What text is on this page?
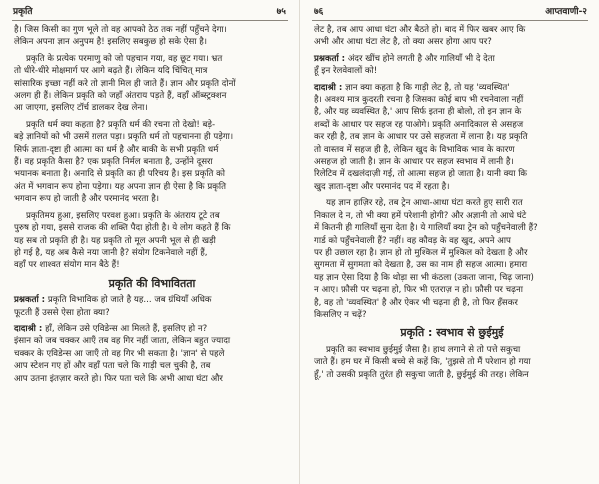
प्रकृति	७५

है। जिस किसी का गुण भूले तो वह आपको ठेठ तक नहीं पहुँचने देगा।
लेकिन अपना ज्ञान अनुपम है! इसलिए सबकुछ हो सके ऐसा है।

प्रकृति के प्रत्येक परमाणु को जो पहचान गया, वह छूट गया। भ्रत
तो धीरे-धीरे मोक्षमार्ग पर आगे बढ़ते हैं। लेकिन यदि चिंचित् मात्र
सांसारिक इच्छा नहीं करे तो ज्ञानी मिल ही जाते हैं। ज्ञान और प्रकृति दोनों
अलग ही हैं। लेकिन प्रकृति को जहाँ अंतराय पड़ते हैं, वहाँ ऑब्स्ट्रक्शन
आ जाएगा, इसलिए टॉर्च डालकर देख लेना।

प्रकृति धर्म क्या कहता है? प्रकृति धर्म की रचना तो देखो! बड़े-
बड़े ज्ञानियों को भी उसमें ग़लत पड़ा। प्रकृति धर्म तो पहचानना ही पड़ेगा।
सिर्फ ज्ञाता-दृष्टा ही आत्मा का धर्म है और बाकी के सभी प्रकृति धर्म
हैं। वह प्रकृति कैसा है? एक प्रकृति निर्मल बनाता है, उन्होंने दूसरा
भयानक बनाता है। अनादि से प्रकृति का ही परिचय है। इस प्रकृति को
अंत में भगवान रूप होना पड़ेगा। यह अपना ज्ञान ही ऐसा है कि प्रकृति
भगवान रूप हो जाती है और परमानंद भरता है।

प्रकृतिमय हुआ, इसलिए परवश हुआ। प्रकृति के अंतराय टूटे तब
पुरुष हो गया, इससे राजक की शक्ति पैदा होती है। ये लोग कहते हैं कि
यह सब तो प्रकृति ही है। यह प्रकृति तो मूल अपनी भूल से ही खड़ी
हो गई है, यह अब कैसे नया जानी है? संयोग टिकनेवाले नहीं हैं,
वहाँ पर शाश्वत संयोग मान बैठे हैं!

प्रकृति की विभावितता

प्रश्नकर्ता : प्रकृति विभाविक हो जाते है यह... जब ग्रंथियाँ अधिक
फूटती हैं उससे ऐसा होता क्या?

दादाश्री : हाँ, लेकिन उसे एविडेन्स आ मिलते हैं, इसलिए हो न?
इंसान को जब चक्कर आएँ तब वह गिर नहीं जाता, लेकिन बहुत ज्यादा
चक्कर के एविडेन्स आ जाएँ तो वह गिर भी सकता है। 'ज्ञान' से पहले
आप स्टेशन गए हों और वहाँ पता चले कि गाड़ी चल चुकी है, तब
आप उतना इंतज़ार करते हो। फिर पता चले कि अभी आधा घंटा और

७६	आप्तवाणी-२

लेट है, तब आप आधा घंटा और बैठते हो। बाद में फिर खबर आए कि
अभी और आधा घंटा लेट है, तो क्या असर होगा आप पर?

प्रश्नकर्ता : अंदर खींच होने लगती है और गालियाँ भी दे देता
हूँ इन रेलवेवालों को!

दादाश्री : ज्ञान क्या कहता है कि गाड़ी लेट है, तो यह 'व्यवस्थित'
है। अवश्य मात्र कुदरती रचना है जिसका कोई बाप भी रचनेवाला नहीं
है, और यह व्यवस्थित है,' आप सिर्फ इतना ही बोलो, तो इन ज्ञान के
शब्दों के आधार पर सहज रह पाओगे। प्रकृति अनादिकाल से असहज
कर रही है, तब ज्ञान के आधार पर उसे सहजता में लाना है। यह प्रकृति
तो वास्तव में सहज ही है, लेकिन खुद के विभाविक भाव के कारण
असहज हो जाती है। ज्ञान के आधार पर सहज स्वभाव में लानी है।
रिलेटिव में दखलंदाज़ी गई, तो आत्मा सहज हो जाता है। यानी क्या कि
खुद ज्ञाता-दृष्टा और परमानंद पद में रहता है।

यह ज्ञान हाज़िर रहे, तब ट्रेन आधा-आधा घंटा करते हुए सारी रात
निकाल दे न, तो भी क्या हमें परेशानी होगी? और अज्ञानी तो आधे घंटे
में कितनी ही गालियाँ सुना देता है। ये गालियाँ क्या ट्रेन को पहुँचनेवाली हैं?
गार्ड को पहुँचनेवाली हैं? नहीं। वह कौवड़ के वह खुद, अपने आप
पर ही उछाल रहा है। ज्ञान हो तो मुश्किल में मुश्किल को देखता है और
सुगमता में सुगमता को देखता है, उस का नाम ही सहज आत्मा। हमारा
यह ज्ञान ऐसा दिया है कि थोड़ा सा भी कंठला (उकता जाना, चिढ़ जाना)
न आए। फ़ौसी पर चढ़ना हो, फिर भी एतराज़ न हो। फ़ौसी पर चढ़ना
है, वह तो 'व्यवस्थित' है और ऐकर भी चढ़ना ही है, तो फिर हँसकर
किसलिए न चढ़ें?

प्रकृति : स्वभाव से छुईमुई

प्रकृति का स्वभाव छुईमुई जैसा है। हाथ लगाने से तो पत्ते सकुचा
जाते हैं। हम घर में किसी बच्चे से कहें कि, 'तुझसे तो मैं परेशान हो गया
हूँ,' तो उसकी प्रकृति तुरंत ही सकुचा जाती है, छुईमुई की तरह। लेकिन
